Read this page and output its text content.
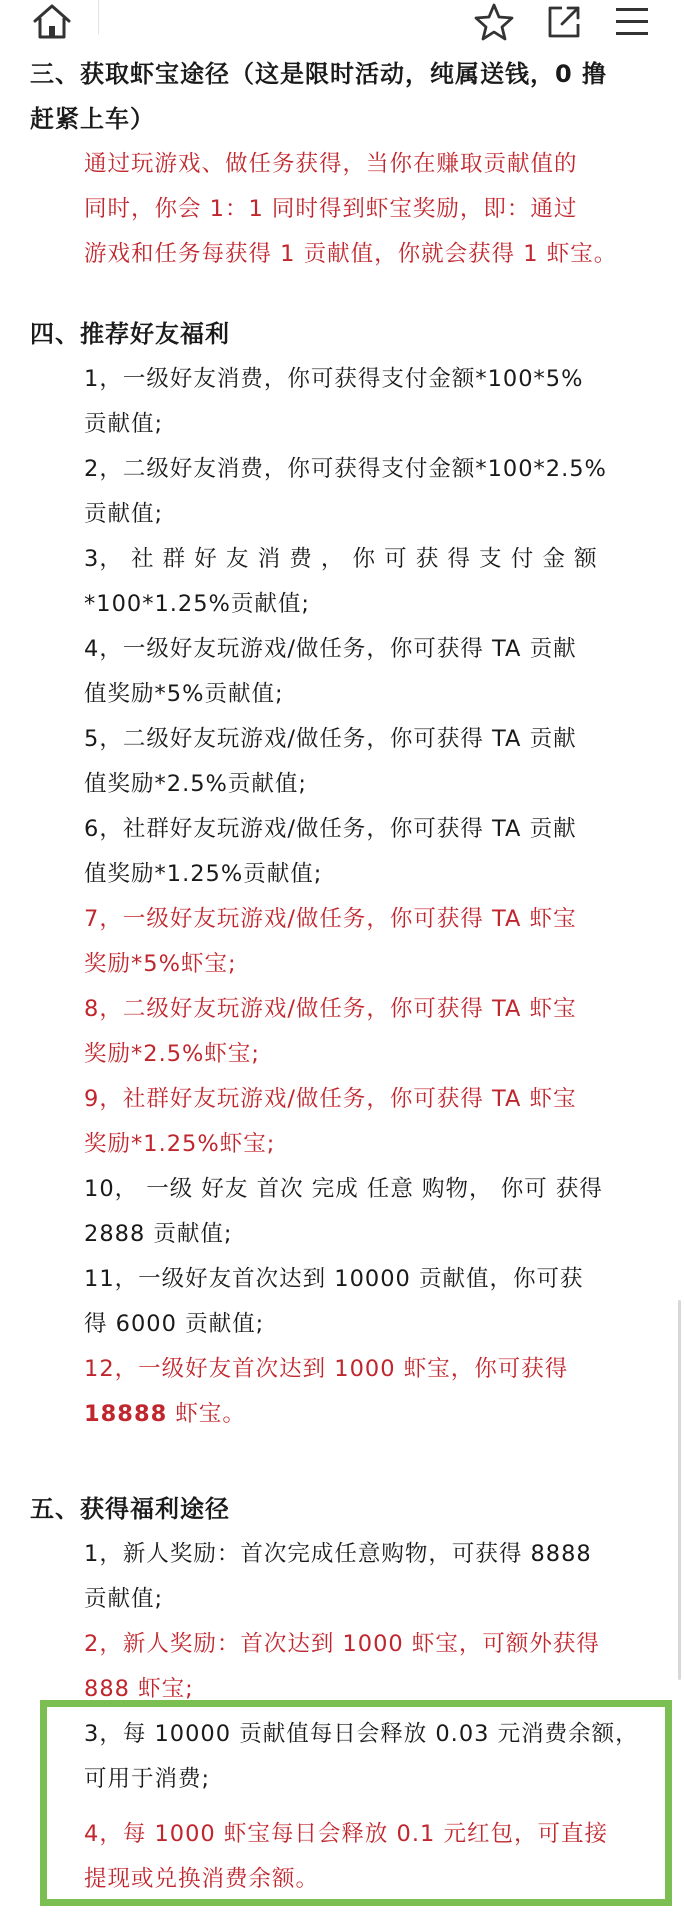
三、获取虾宝途径（这是限时活动，纯属送钱，0 撸

赶紧上车）

通过玩游戏、做任务获得，当你在赚取贡献值的

同时，你会 1：1 同时得到虾宝奖励，即：通过

游戏和任务每获得 1 贡献值，你就会获得 1 虾宝。

四、推荐好友福利

1，一级好友消费，你可获得支付金额*100*5%

贡献值;

2，二级好友消费，你可获得支付金额*100*2.5%

贡献值;

3， 社 群 好 友 消 费 ， 你 可 获 得 支 付 金 额

*100*1.25%贡献值;

4，一级好友玩游戏/做任务，你可获得 TA 贡献

值奖励*5%贡献值;

5，二级好友玩游戏/做任务，你可获得 TA 贡献

值奖励*2.5%贡献值;

6，社群好友玩游戏/做任务，你可获得 TA 贡献

值奖励*1.25%贡献值;

7，一级好友玩游戏/做任务，你可获得 TA 虾宝

奖励*5%虾宝;

8，二级好友玩游戏/做任务，你可获得 TA 虾宝

奖励*2.5%虾宝;

9，社群好友玩游戏/做任务，你可获得 TA 虾宝

奖励*1.25%虾宝;

10， 一级 好友 首次 完成 任意 购物， 你可 获得

2888 贡献值;

11，一级好友首次达到 10000 贡献值，你可获

得 6000 贡献值;

12，一级好友首次达到 1000 虾宝，你可获得

18888 虾宝。

五、获得福利途径

1，新人奖励：首次完成任意购物，可获得 8888

贡献值;

2，新人奖励：首次达到 1000 虾宝，可额外获得

888 虾宝;

3，每 10000 贡献值每日会释放 0.03 元消费余额，

可用于消费;

4，每 1000 虾宝每日会释放 0.1 元红包，可直接

提现或兑换消费余额。
